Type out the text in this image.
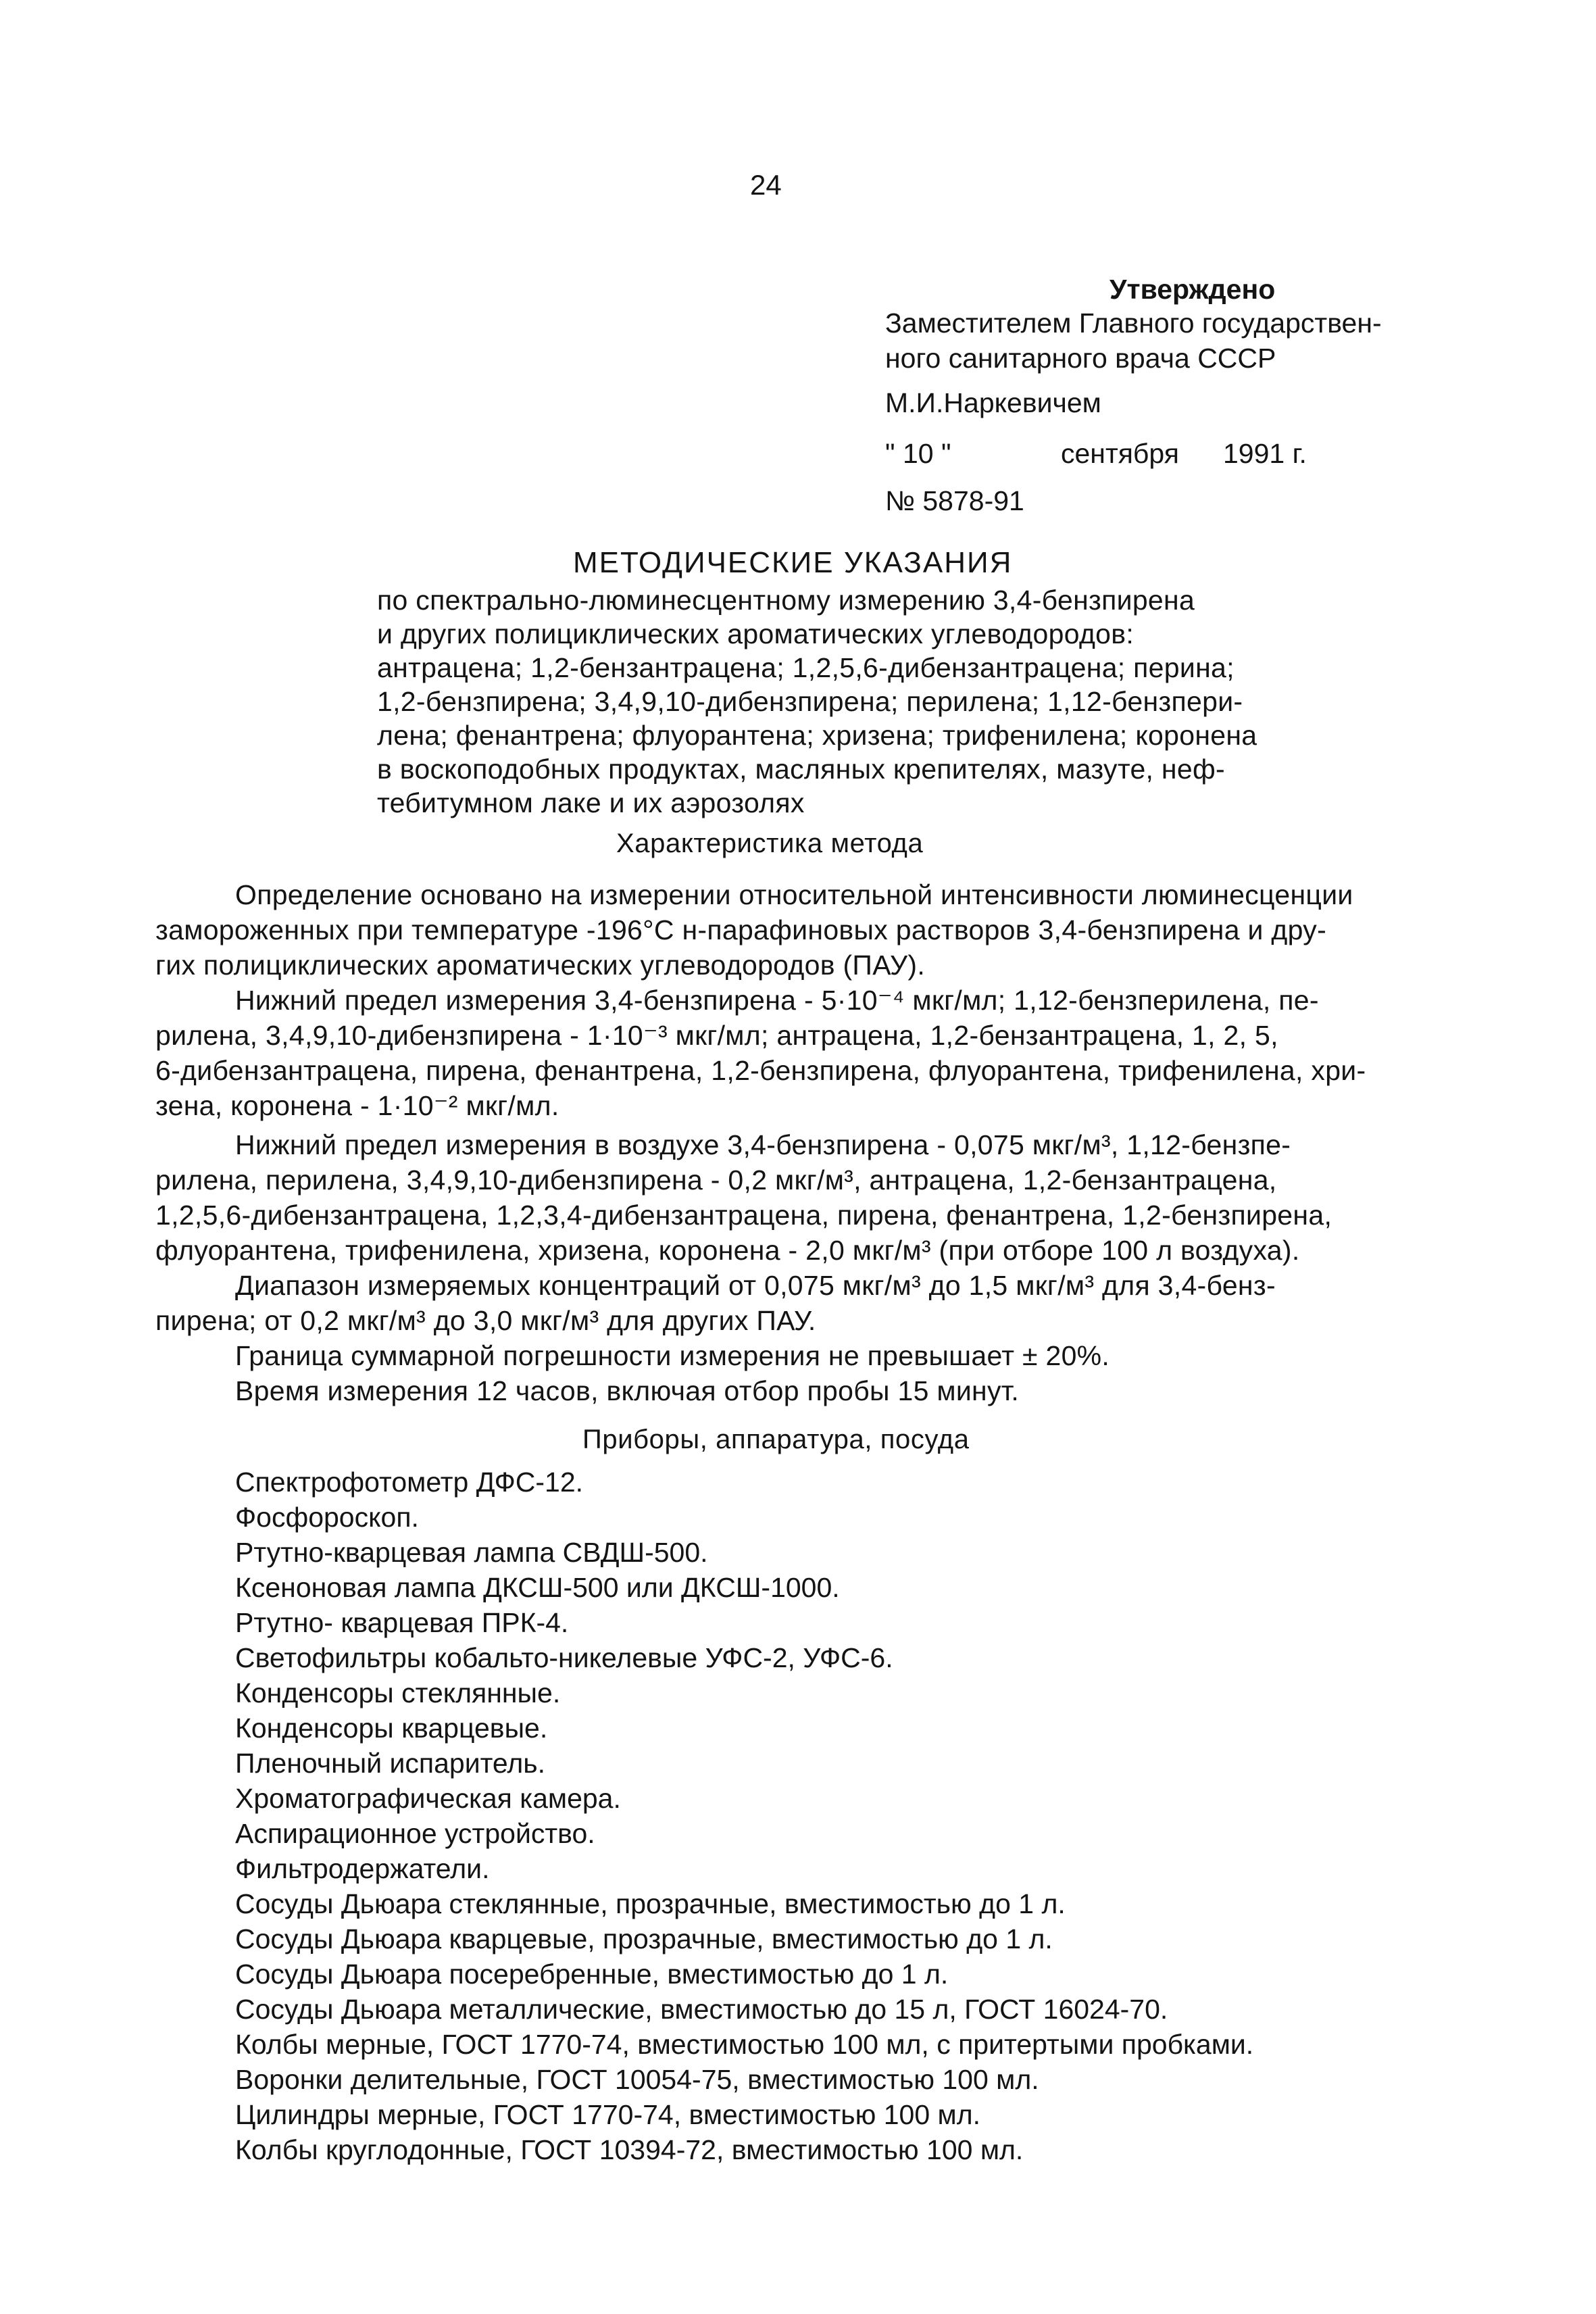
24
Утверждено
Заместителем Главного государствен-
ного санитарного врача СССР
М.И.Наркевичем
" 10 "	сентября 1991 г.
№ 5878-91
МЕТОДИЧЕСКИЕ УКАЗАНИЯ
по спектрально-люминесцентному измерению 3,4-бензпирена
и других полициклических ароматических углеводородов:
антрацена; 1,2-бензантрацена; 1,2,5,6-дибензантрацена; перина;
1,2-бензпирена; 3,4,9,10-дибензпирена; перилена; 1,12-бензпери-
лена; фенантрена; флуорантена; хризена; трифенилена; коронена
в воскоподобных продуктах, масляных крепителях, мазуте, неф-
тебитумном лаке и их аэрозолях
Характеристика метода
Определение основано на измерении относительной интенсивности люминесценции
замороженных при температуре -196°С н-парафиновых растворов 3,4-бензпирена и дру-
гих полициклических ароматических углеводородов (ПАУ).
Нижний предел измерения 3,4-бензпирена - 5·10⁻⁴ мкг/мл; 1,12-бензперилена, пе-
рилена, 3,4,9,10-дибензпирена - 1·10⁻³ мкг/мл; антрацена, 1,2-бензантрацена, 1, 2, 5,
6-дибензантрацена, пирена, фенантрена, 1,2-бензпирена, флуорантена, трифенилена, хри-
зена, коронена - 1·10⁻² мкг/мл.
Нижний предел измерения в воздухе 3,4-бензпирена - 0,075 мкг/м³, 1,12-бензпе-
рилена, перилена, 3,4,9,10-дибензпирена - 0,2 мкг/м³, антрацена, 1,2-бензантрацена,
1,2,5,6-дибензантрацена, 1,2,3,4-дибензантрацена, пирена, фенантрена, 1,2-бензпирена,
флуорантена, трифенилена, хризена, коронена - 2,0 мкг/м³ (при отборе 100 л воздуха).
Диапазон измеряемых концентраций от 0,075 мкг/м³ до 1,5 мкг/м³ для 3,4-бенз-
пирена; от 0,2 мкг/м³ до 3,0 мкг/м³ для других ПАУ.
Граница суммарной погрешности измерения не превышает ± 20%.
Время измерения 12 часов, включая отбор пробы 15 минут.
Приборы, аппаратура, посуда
Спектрофотометр ДФС-12.
Фосфороскоп.
Ртутно-кварцевая лампа СВДШ-500.
Ксеноновая лампа ДКСШ-500 или ДКСШ-1000.
Ртутно- кварцевая ПРК-4.
Светофильтры кобальто-никелевые УФС-2, УФС-6.
Конденсоры стеклянные.
Конденсоры кварцевые.
Пленочный испаритель.
Хроматографическая камера.
Аспирационное устройство.
Фильтродержатели.
Сосуды Дьюара стеклянные, прозрачные, вместимостью до 1 л.
Сосуды Дьюара кварцевые, прозрачные, вместимостью до 1 л.
Сосуды Дьюара посеребренные, вместимостью до 1 л.
Сосуды Дьюара металлические, вместимостью до 15 л, ГОСТ 16024-70.
Колбы мерные, ГОСТ 1770-74, вместимостью 100 мл, с притертыми пробками.
Воронки делительные, ГОСТ 10054-75, вместимостью 100 мл.
Цилиндры мерные, ГОСТ 1770-74, вместимостью 100 мл.
Колбы круглодонные, ГОСТ 10394-72, вместимостью 100 мл.
